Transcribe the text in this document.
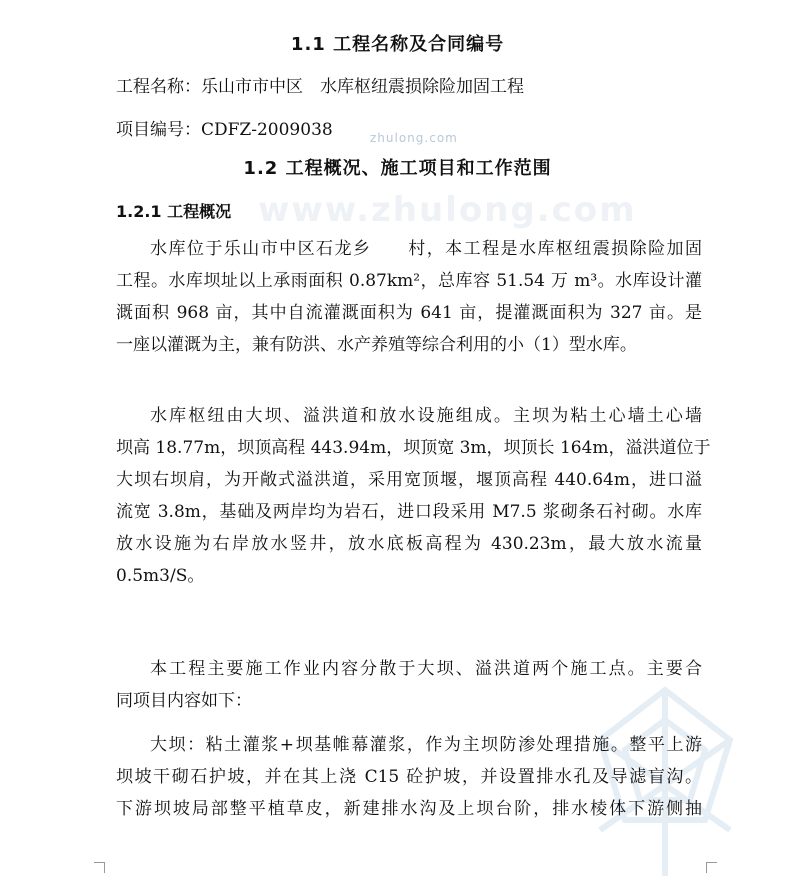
zhulong.com
www.zhulong.com
1.1 工程名称及合同编号
工程名称：乐山市市中区　水库枢纽震损除险加固工程
项目编号：CDFZ-2009038
1.2 工程概况、施工项目和工作范围
1.2.1 工程概况
水库位于乐山市中区石龙乡　　村，本工程是水库枢纽震损除险加固
工程。水库坝址以上承雨面积 0.87km²，总库容 51.54 万 m³。水库设计灌
溉面积 968 亩，其中自流灌溉面积为 641 亩，提灌溉面积为 327 亩。是
一座以灌溉为主，兼有防洪、水产养殖等综合利用的小（1）型水库。
水库枢纽由大坝、溢洪道和放水设施组成。主坝为粘土心墙土心墙
坝高 18.77m，坝顶高程 443.94m，坝顶宽 3m，坝顶长 164m，溢洪道位于
大坝右坝肩，为开敞式溢洪道，采用宽顶堰，堰顶高程 440.64m，进口溢
流宽 3.8m，基础及两岸均为岩石，进口段采用 M7.5 浆砌条石衬砌。水库
放水设施为右岸放水竖井，放水底板高程为 430.23m，最大放水流量
0.5m3/S。
本工程主要施工作业内容分散于大坝、溢洪道两个施工点。主要合
同项目内容如下：
大坝：粘土灌浆+坝基帷幕灌浆，作为主坝防渗处理措施。整平上游
坝坡干砌石护坡，并在其上浇 C15 砼护坡，并设置排水孔及导滤盲沟。
下游坝坡局部整平植草皮，新建排水沟及上坝台阶，排水棱体下游侧抽
